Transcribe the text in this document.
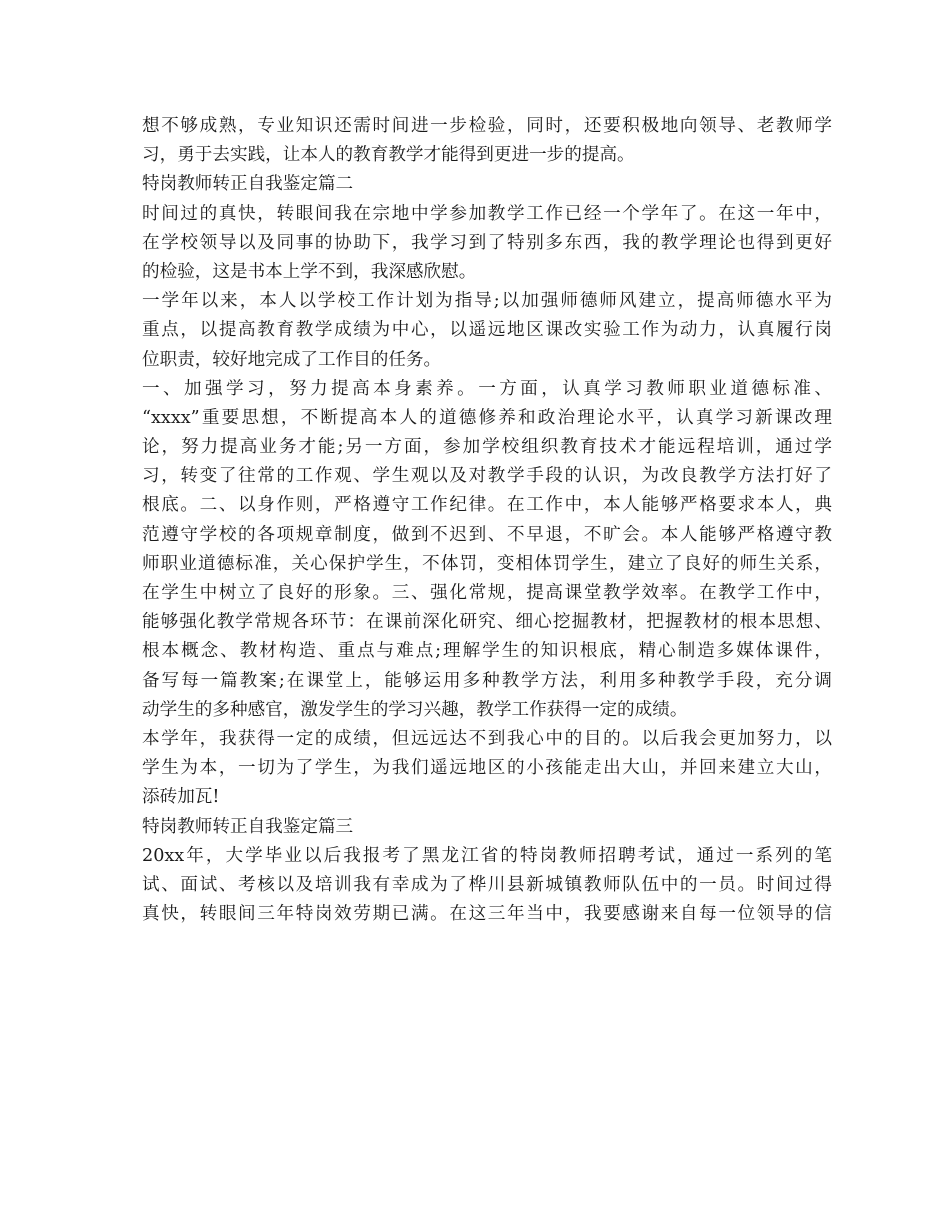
想不够成熟，专业知识还需时间进一步检验，同时，还要积极地向领导、老教师学
习，勇于去实践，让本人的教育教学才能得到更进一步的提高。
特岗教师转正自我鉴定篇二
时间过的真快，转眼间我在宗地中学参加教学工作已经一个学年了。在这一年中，
在学校领导以及同事的协助下，我学习到了特别多东西，我的教学理论也得到更好
的检验，这是书本上学不到，我深感欣慰。
一学年以来，本人以学校工作计划为指导;以加强师德师风建立，提高师德水平为
重点，以提高教育教学成绩为中心，以遥远地区课改实验工作为动力，认真履行岗
位职责，较好地完成了工作目的任务。
一、加强学习，努力提高本身素养。一方面，认真学习教师职业道德标准、
“xxxx”重要思想，不断提高本人的道德修养和政治理论水平，认真学习新课改理
论，努力提高业务才能;另一方面，参加学校组织教育技术才能远程培训，通过学
习，转变了往常的工作观、学生观以及对教学手段的认识，为改良教学方法打好了
根底。二、以身作则，严格遵守工作纪律。在工作中，本人能够严格要求本人，典
范遵守学校的各项规章制度，做到不迟到、不早退，不旷会。本人能够严格遵守教
师职业道德标准，关心保护学生，不体罚，变相体罚学生，建立了良好的师生关系，
在学生中树立了良好的形象。三、强化常规，提高课堂教学效率。在教学工作中，
能够强化教学常规各环节：在课前深化研究、细心挖掘教材，把握教材的根本思想、
根本概念、教材构造、重点与难点;理解学生的知识根底，精心制造多媒体课件，
备写每一篇教案;在课堂上，能够运用多种教学方法，利用多种教学手段，充分调
动学生的多种感官，激发学生的学习兴趣，教学工作获得一定的成绩。
本学年，我获得一定的成绩，但远远达不到我心中的目的。以后我会更加努力，以
学生为本，一切为了学生，为我们遥远地区的小孩能走出大山，并回来建立大山，
添砖加瓦!
特岗教师转正自我鉴定篇三
20xx年，大学毕业以后我报考了黑龙江省的特岗教师招聘考试，通过一系列的笔
试、面试、考核以及培训我有幸成为了桦川县新城镇教师队伍中的一员。时间过得
真快，转眼间三年特岗效劳期已满。在这三年当中，我要感谢来自每一位领导的信
